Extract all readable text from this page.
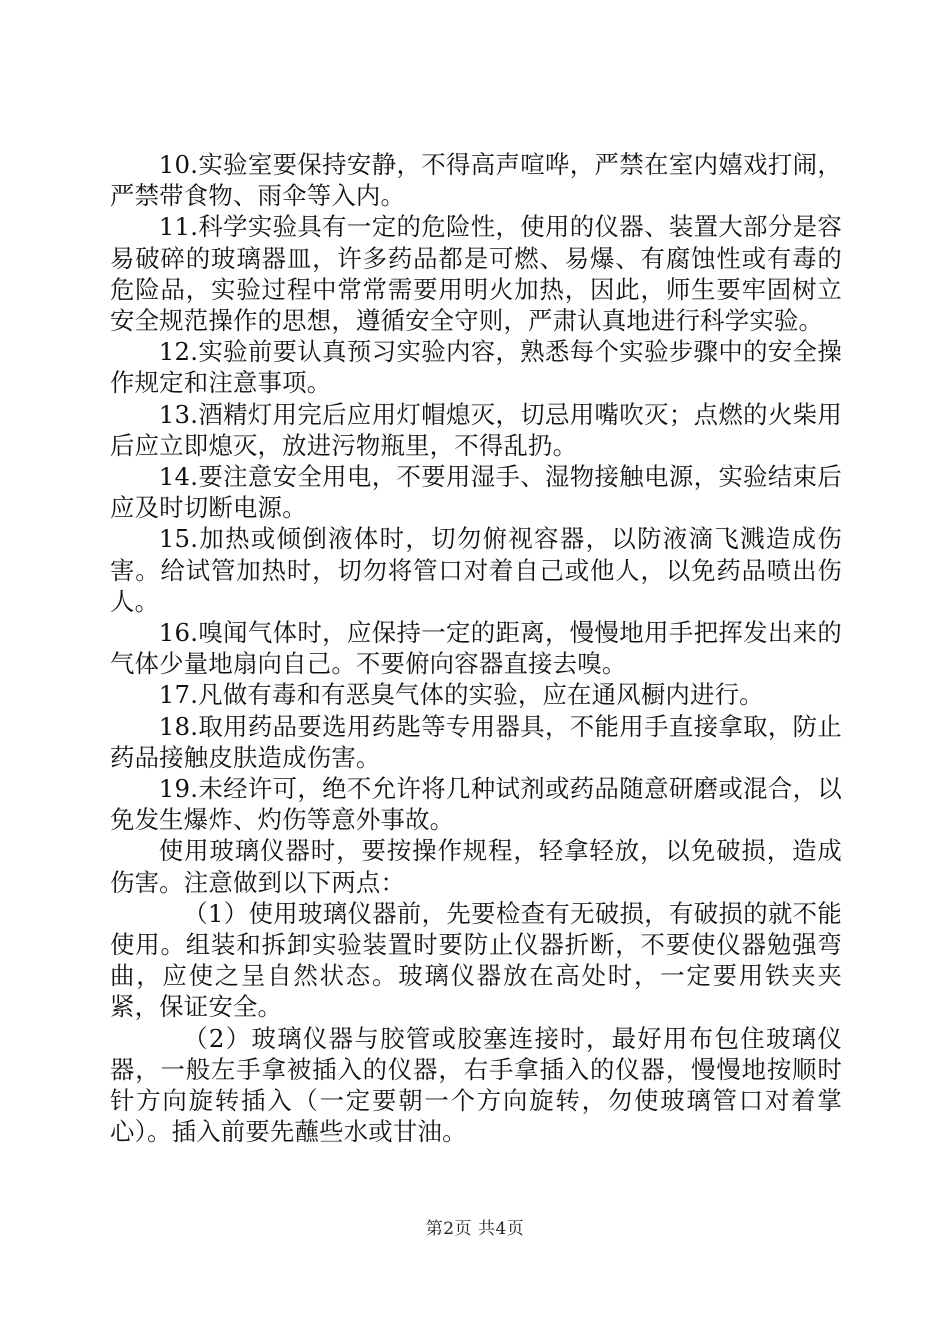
10.实验室要保持安静，不得高声喧哗，严禁在室内嬉戏打闹，严禁带食物、雨伞等入内。

11.科学实验具有一定的危险性，使用的仪器、装置大部分是容易破碎的玻璃器皿，许多药品都是可燃、易爆、有腐蚀性或有毒的危险品，实验过程中常常需要用明火加热，因此，师生要牢固树立安全规范操作的思想，遵循安全守则，严肃认真地进行科学实验。

12.实验前要认真预习实验内容，熟悉每个实验步骤中的安全操作规定和注意事项。

13.酒精灯用完后应用灯帽熄灭，切忌用嘴吹灭；点燃的火柴用后应立即熄灭，放进污物瓶里，不得乱扔。

14.要注意安全用电，不要用湿手、湿物接触电源，实验结束后应及时切断电源。

15.加热或倾倒液体时，切勿俯视容器，以防液滴飞溅造成伤害。给试管加热时，切勿将管口对着自己或他人，以免药品喷出伤人。

16.嗅闻气体时，应保持一定的距离，慢慢地用手把挥发出来的气体少量地扇向自己。不要俯向容器直接去嗅。

17.凡做有毒和有恶臭气体的实验，应在通风橱内进行。

18.取用药品要选用药匙等专用器具，不能用手直接拿取，防止药品接触皮肤造成伤害。

19.未经许可，绝不允许将几种试剂或药品随意研磨或混合，以免发生爆炸、灼伤等意外事故。

使用玻璃仪器时，要按操作规程，轻拿轻放，以免破损，造成伤害。注意做到以下两点：

（1）使用玻璃仪器前，先要检查有无破损，有破损的就不能使用。组装和拆卸实验装置时要防止仪器折断，不要使仪器勉强弯曲，应使之呈自然状态。玻璃仪器放在高处时，一定要用铁夹夹紧，保证安全。

（2）玻璃仪器与胶管或胶塞连接时，最好用布包住玻璃仪器，一般左手拿被插入的仪器，右手拿插入的仪器，慢慢地按顺时针方向旋转插入（一定要朝一个方向旋转，勿使玻璃管口对着掌心）。插入前要先蘸些水或甘油。

第2页 共4页
